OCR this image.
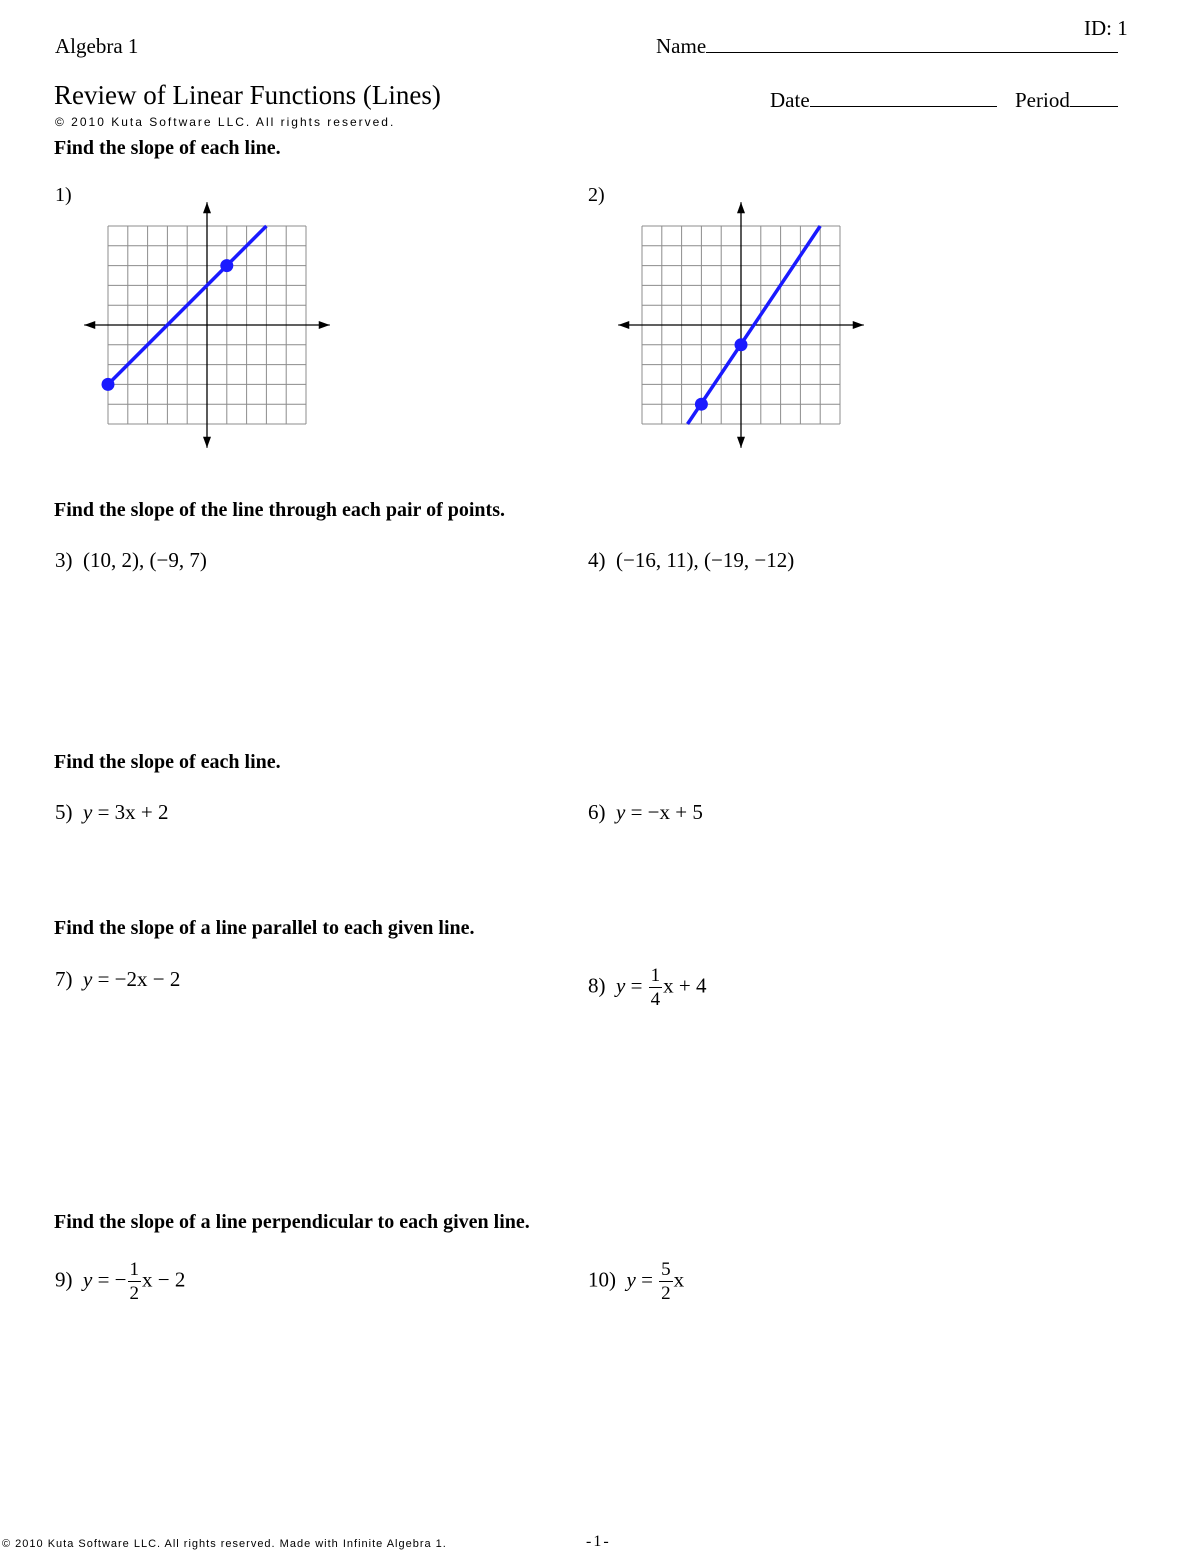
ID: 1
Algebra 1	Name
Review of Linear Functions (Lines)	Date	Period
© 2010 Kuta Software LLC. All rights reserved.
Find the slope of each line.
1)	2)
Find the slope of the line through each pair of points.
3) (10, 2), (−9, 7)	4) (−16, 11), (−19, −12)
Find the slope of each line.
5) y = 3x + 2	6) y = −x + 5
Find the slope of a line parallel to each given line.
7) y = −2x − 2	8) $y = \frac{1}{4}$ x + 4
Find the slope of a line perpendicular to each given line.
9) y = − $\frac{1}{2}$ x − 2	10) $y = \frac{5}{2}$ x
© 2010 Kuta Software LLC. All rights reserved. Made with Infinite Algebra 1.	-1-
